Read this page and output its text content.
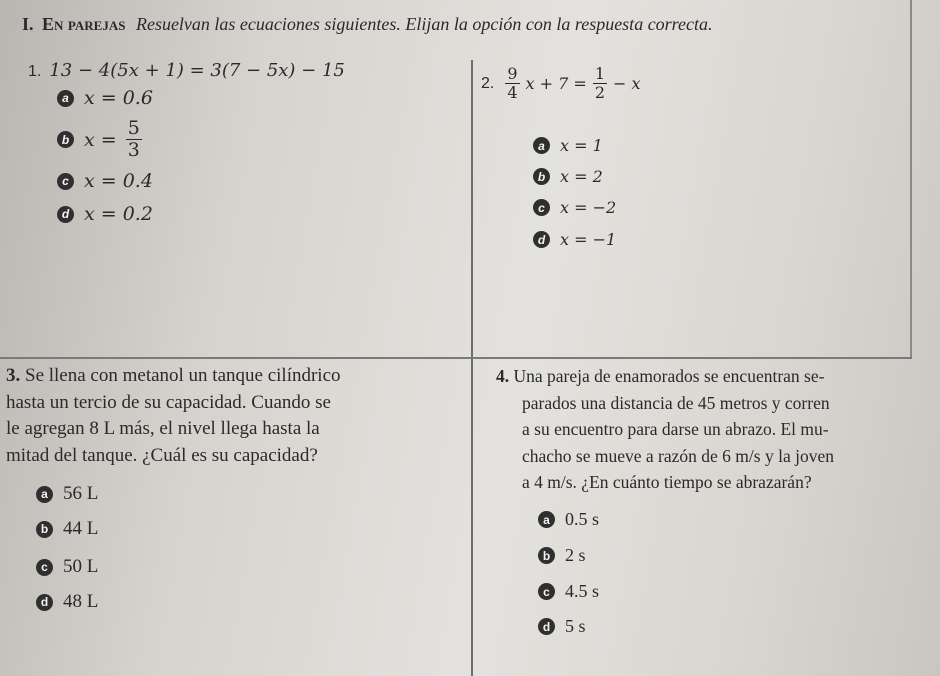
I. En parejas Resuelvan las ecuaciones siguientes. Elijan la opción con la respuesta correcta.
1. 13 − 4(5x + 1) = 3(7 − 5x) − 15
a x = 0.6
b $x = \frac{5}{3}$
c x = 0.4
d x = 0.2
2. $\frac{9}{4}$ $x + 7 = \frac{1}{2} - x$
a x = 1
b x = 2
c x = −2
d x = −1

3. Se llena con metanol un tanque cilíndrico

hasta un tercio de su capacidad. Cuando se

le agregan 8 L más, el nivel llega hasta la

mitad del tanque. ¿Cuál es su capacidad?

a 56 L
b 44 L
c 50 L
d 48 L

4. Una pareja de enamorados se encuentran se-

parados una distancia de 45 metros y corren

a su encuentro para darse un abrazo. El mu-

chacho se mueve a razón de 6 m/s y la joven

a 4 m/s. ¿En cuánto tiempo se abrazarán?

a 0.5 s
b 2 s
c 4.5 s
d 5 s
